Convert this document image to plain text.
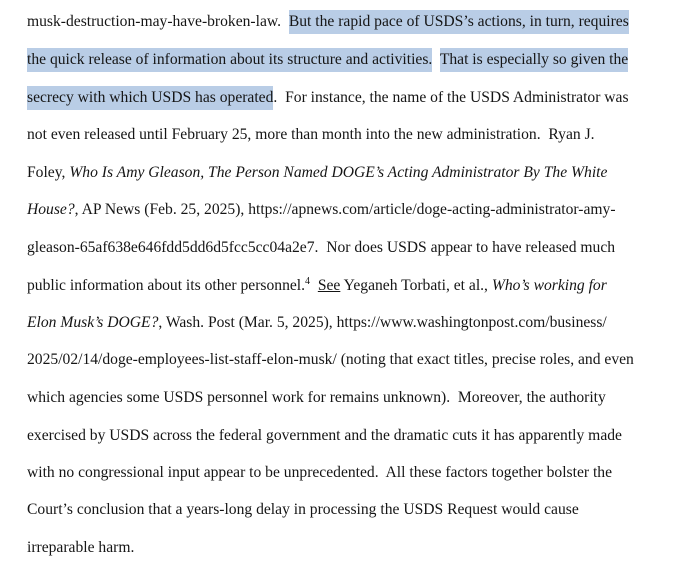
musk-destruction-may-have-broken-law.  But the rapid pace of USDS’s actions, in turn, requires
the quick release of information about its structure and activities. That is especially so given the
secrecy with which USDS has operated.  For instance, the name of the USDS Administrator was
not even released until February 25, more than month into the new administration.  Ryan J.
Foley, Who Is Amy Gleason, The Person Named DOGE’s Acting Administrator By The White
House?, AP News (Feb. 25, 2025), https://apnews.com/article/doge-acting-administrator-amy-
gleason-65af638e646fdd5dd6d5fcc5cc04a2e7.  Nor does USDS appear to have released much
public information about its other personnel.$^4$ See Yeganeh Torbati, et al., Who’s working for
Elon Musk’s DOGE?, Wash. Post (Mar. 5, 2025), https://www.washingtonpost.com/business/
2025/02/14/doge-employees-list-staff-elon-musk/ (noting that exact titles, precise roles, and even
which agencies some USDS personnel work for remains unknown).  Moreover, the authority
exercised by USDS across the federal government and the dramatic cuts it has apparently made
with no congressional input appear to be unprecedented.  All these factors together bolster the
Court’s conclusion that a years-long delay in processing the USDS Request would cause
irreparable harm.
